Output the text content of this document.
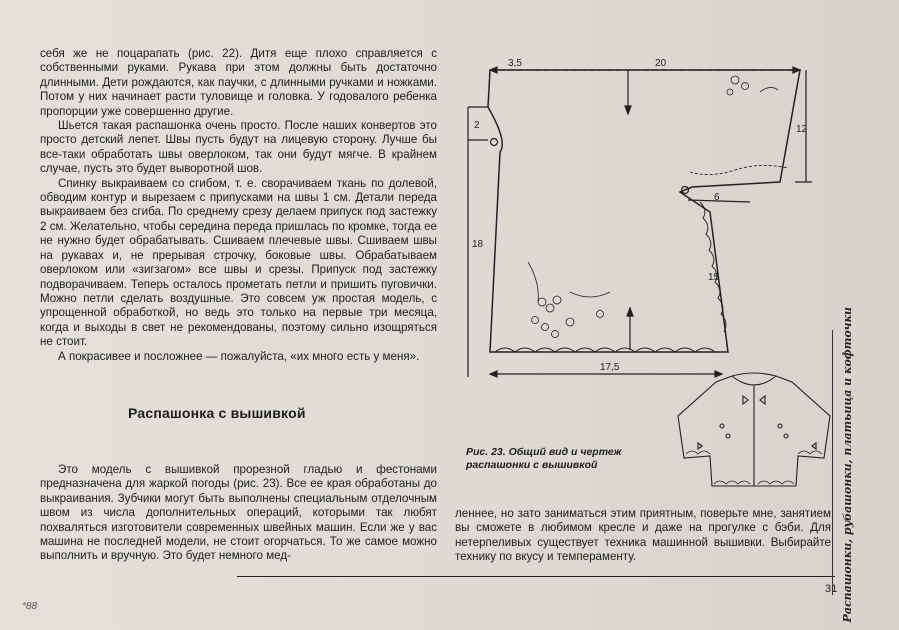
себя же не поцарапать (рис. 22). Дитя еще плохо справляется с собственными руками. Рукава при этом должны быть достаточно длинными. Дети рождаются, как паучки, с длинными ручками и ножками. Потом у них начинает расти туловище и головка. У годовалого ребенка пропорции уже совершенно другие.

Шьется такая распашонка очень просто. После наших конвертов это просто детский лепет. Швы пусть будут на лицевую сторону. Лучше бы все-таки обработать швы оверлоком, так они будут мягче. В крайнем случае, пусть это будет выворотной шов.

Спинку выкраиваем со сгибом, т. е. сворачиваем ткань по долевой, обводим контур и вырезаем с припусками на швы 1 см. Детали переда выкраиваем без сгиба. По среднему срезу делаем припуск под застежку 2 см. Желательно, чтобы середина переда пришлась по кромке, тогда ее не нужно будет обрабатывать. Сшиваем плечевые швы. Сшиваем швы на рукавах и, не прерывая строчку, боковые швы. Обрабатываем оверлоком или «зигзагом» все швы и срезы. Припуск под застежку подворачиваем. Теперь осталось прометать петли и пришить пуговички. Можно петли сделать воздушные. Это совсем уж простая модель, с упрощенной обработкой, но ведь это только на первые три месяца, когда и выходы в свет не рекомендованы, поэтому сильно изощряться не стоит.

А покрасивее и посложнее — пожалуйста, «их много есть у меня».

Распашонка с вышивкой

Это модель с вышивкой прорезной гладью и фестонами предназначена для жаркой погоды (рис. 23). Все ее края обработаны до выкраивания. Зубчики могут быть выполнены специальным отделочным швом из числа дополнительных операций, которыми так любят похваляться изготовители современных швейных машин. Если же у вас машина не последней модели, не стоит огорчаться. То же самое можно выполнить и вручную. Это будет немного мед-

3,5	20
2	12
6
18
15
17,5
Рис. 23. Общий вид и чертеж распашонки с вышивкой

леннее, но зато заниматься этим приятным, поверьте мне, занятием вы сможете в любимом кресле и даже на прогулке с бэби. Для нетерпеливых существует техника машинной вышивки. Выбирайте технику по вкусу и темпераменту.

31
*88	Распашонки, рубашонки, платьица и кофточки
